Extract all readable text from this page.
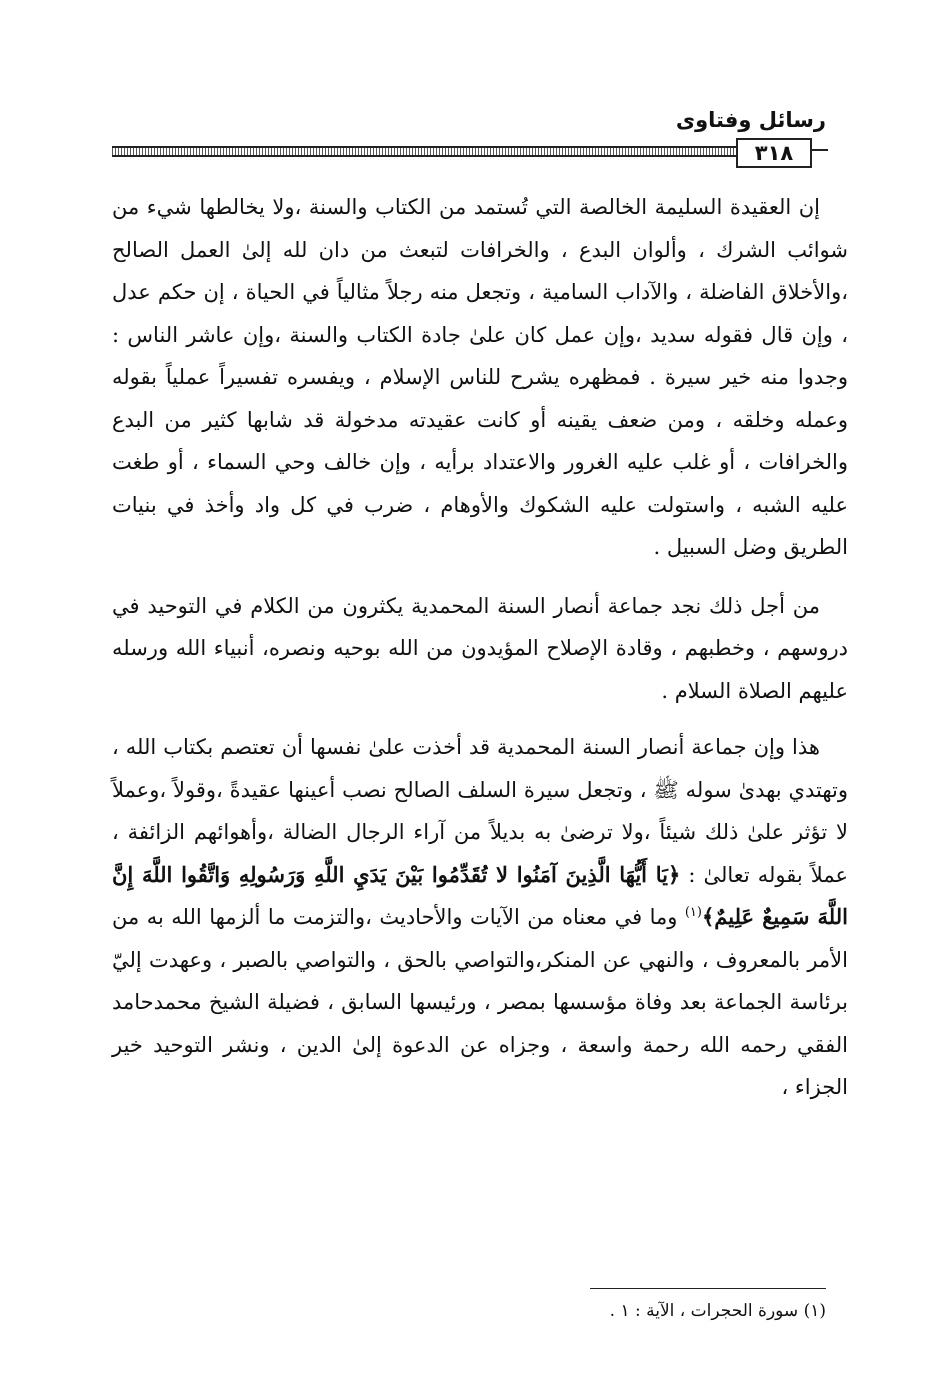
رسائل وفتاوى
٣١٨

إن العقيدة السليمة الخالصة التي تُستمد من الكتاب والسنة ،ولا يخالطها شيء من شوائب الشرك ، وألوان البدع ، والخرافات لتبعث من دان لله إلىٰ العمل الصالح ،والأخلاق الفاضلة ، والآداب السامية ، وتجعل منه رجلاً مثالياً في الحياة ، إن حكم عدل ، وإن قال فقوله سديد ،وإن عمل كان علىٰ جادة الكتاب والسنة ،وإن عاشر الناس : وجدوا منه خير سيرة . فمظهره يشرح للناس الإسلام ، ويفسره تفسيراً عملياً بقوله وعمله وخلقه ، ومن ضعف يقينه أو كانت عقيدته مدخولة قد شابها كثير من البدع والخرافات ، أو غلب عليه الغرور والاعتداد برأيه ، وإن خالف وحي السماء ، أو طغت عليه الشبه ، واستولت عليه الشكوك والأوهام ، ضرب في كل واد وأخذ في بنيات الطريق وضل السبيل .

من أجل ذلك نجد جماعة أنصار السنة المحمدية يكثرون من الكلام في التوحيد في دروسهم ، وخطبهم ، وقادة الإصلاح المؤيدون من الله بوحيه ونصره، أنبياء الله ورسله عليهم الصلاة السلام .

هذا وإن جماعة أنصار السنة المحمدية قد أخذت علىٰ نفسها أن تعتصم بكتاب الله ، وتهتدي بهدىٰ سوله ﷺ ، وتجعل سيرة السلف الصالح نصب أعينها عقيدةً ،وقولاً ،وعملاً لا تؤثر علىٰ ذلك شيئاً ،ولا ترضىٰ به بديلاً من آراء الرجال الضالة ،وأهوائهم الزائفة ، عملاً بقوله تعالىٰ : ﴿يَا أَيُّهَا الَّذِينَ آمَنُوا لا تُقَدِّمُوا بَيْنَ يَدَيِ اللَّهِ وَرَسُولِهِ وَاتَّقُوا اللَّهَ إِنَّ اللَّهَ سَمِيعٌ عَلِيمٌ﴾$^{(١)}$ وما في معناه من الآيات والأحاديث ،والتزمت ما ألزمها الله به من الأمر بالمعروف ، والنهي عن المنكر،والتواصي بالحق ، والتواصي بالصبر ، وعهدت إليّ برئاسة الجماعة بعد وفاة مؤسسها بمصر ، ورئيسها السابق ، فضيلة الشيخ محمدحامد الفقي رحمه الله رحمة واسعة ، وجزاه عن الدعوة إلىٰ الدين ، ونشر التوحيد خير الجزاء ،

(١) سورة الحجرات ، الآية : ١ .
